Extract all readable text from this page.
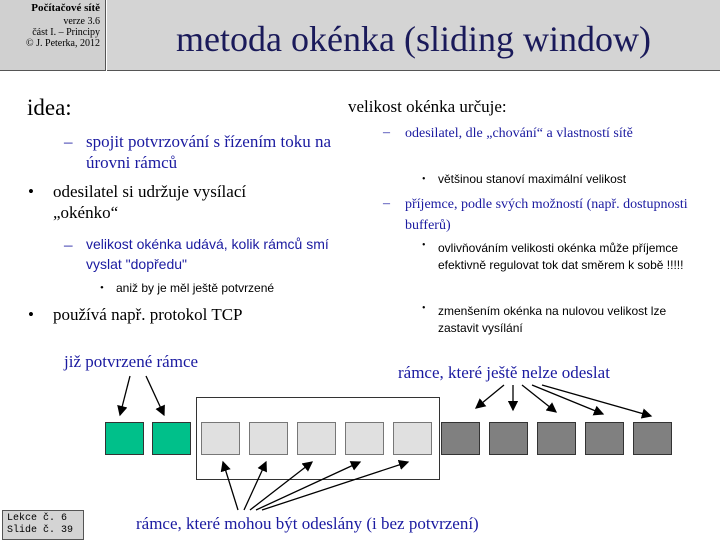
Počítačové sítě
verze 3.6
část I. – Principy
© J. Peterka, 2012	metoda okénka (sliding window)
idea:
– spojit potvrzování s řízením toku na úrovni rámců
• odesilatel si udržuje vysílací „okénko“
– velikost okénka udává, kolik rámců smí vyslat "dopředu"
• aniž by je měl ještě potvrzené
• používá např. protokol TCP
velikost okénka určuje:
– odesilatel, dle „chování“ a vlastností sítě
• většinou stanoví maximální velikost
– příjemce, podle svých možností (např. dostupnosti bufferů)
• ovlivňováním velikosti okénka může příjemce efektivně regulovat tok dat směrem k sobě !!!!!
• zmenšením okénka na nulovou velikost lze zastavit vysílání
již potvrzené rámce
rámce, které ještě nelze odeslat
rámce, které mohou být odeslány (i bez potvrzení)
Lekce č. 6
Slide č. 39
